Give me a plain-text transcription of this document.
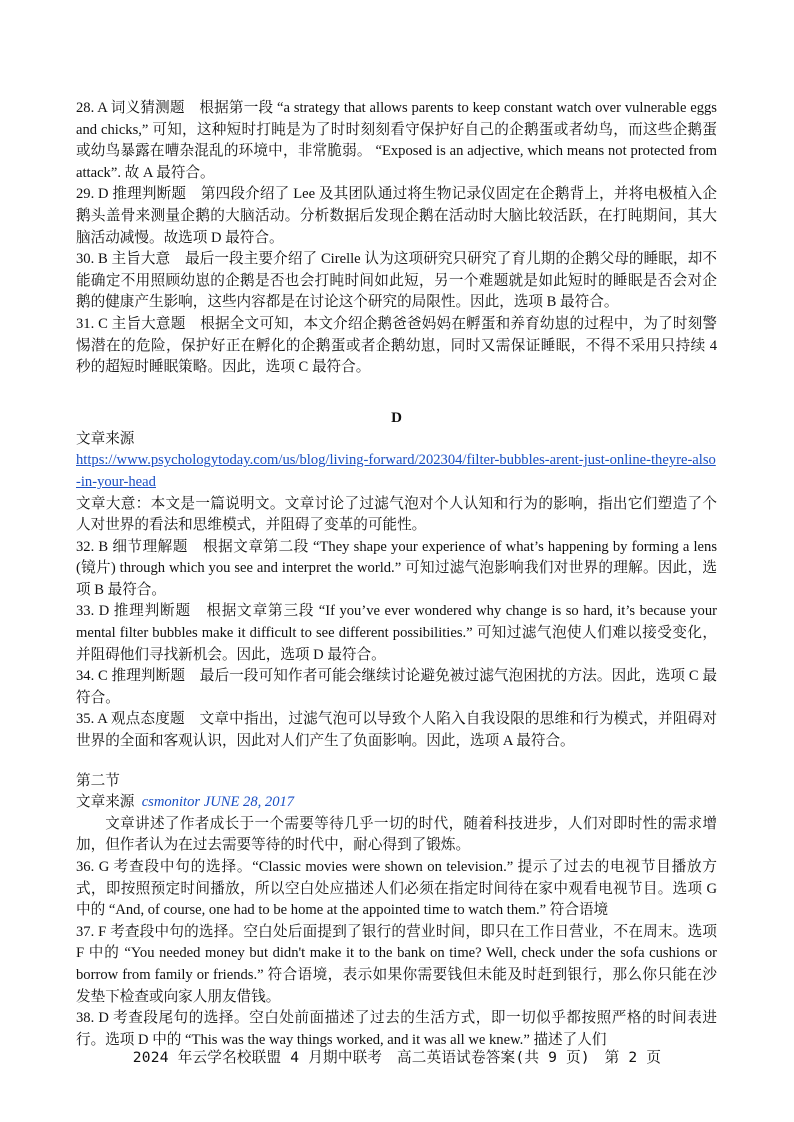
28. A 词义猜测题　根据第一段 “a strategy that allows parents to keep constant watch over vulnerable eggs and chicks,” 可知，这种短时打盹是为了时时刻刻看守保护好自己的企鹅蛋或者幼鸟，而这些企鹅蛋或幼鸟暴露在嘈杂混乱的环境中，非常脆弱。 “Exposed is an adjective, which means not protected from attack”. 故 A 最符合。

29. D 推理判断题　第四段介绍了 Lee 及其团队通过将生物记录仪固定在企鹅背上，并将电极植入企鹅头盖骨来测量企鹅的大脑活动。分析数据后发现企鹅在活动时大脑比较活跃，在打盹期间，其大脑活动减慢。故选项 D 最符合。

30. B 主旨大意　最后一段主要介绍了 Cirelle 认为这项研究只研究了育儿期的企鹅父母的睡眠，却不能确定不用照顾幼崽的企鹅是否也会打盹时间如此短，另一个难题就是如此短时的睡眠是否会对企鹅的健康产生影响，这些内容都是在讨论这个研究的局限性。因此，选项 B 最符合。

31. C 主旨大意题　根据全文可知，本文介绍企鹅爸爸妈妈在孵蛋和养育幼崽的过程中，为了时刻警惕潜在的危险，保护好正在孵化的企鹅蛋或者企鹅幼崽，同时又需保证睡眠，不得不采用只持续 4 秒的超短时睡眠策略。因此，选项 C 最符合。

D

文章来源

https://www.psychologytoday.com/us/blog/living-forward/202304/filter-bubbles-arent-just-online-theyre-also-in-your-head

文章大意：本文是一篇说明文。文章讨论了过滤气泡对个人认知和行为的影响，指出它们塑造了个人对世界的看法和思维模式，并阻碍了变革的可能性。

32. B 细节理解题　根据文章第二段 “They shape your experience of what’s happening by forming a lens (镜片) through which you see and interpret the world.” 可知过滤气泡影响我们对世界的理解。因此，选项 B 最符合。

33. D 推理判断题　根据文章第三段 “If you’ve ever wondered why change is so hard, it’s because your mental filter bubbles make it difficult to see different possibilities.” 可知过滤气泡使人们难以接受变化，并阻碍他们寻找新机会。因此，选项 D 最符合。

34. C 推理判断题　最后一段可知作者可能会继续讨论避免被过滤气泡困扰的方法。因此，选项 C 最符合。

35. A 观点态度题　文章中指出，过滤气泡可以导致个人陷入自我设限的思维和行为模式，并阻碍对世界的全面和客观认识，因此对人们产生了负面影响。因此，选项 A 最符合。

第二节

文章来源 csmonitor JUNE 28, 2017

文章讲述了作者成长于一个需要等待几乎一切的时代，随着科技进步，人们对即时性的需求增加，但作者认为在过去需要等待的时代中，耐心得到了锻炼。

36. G 考查段中句的选择。“Classic movies were shown on television.” 提示了过去的电视节目播放方式，即按照预定时间播放，所以空白处应描述人们必须在指定时间待在家中观看电视节目。选项 G 中的 “And, of course, one had to be home at the appointed time to watch them.” 符合语境

37. F 考查段中句的选择。空白处后面提到了银行的营业时间，即只在工作日营业，不在周末。选项 F 中的 “You needed money but didn't make it to the bank on time? Well, check under the sofa cushions or borrow from family or friends.” 符合语境，表示如果你需要钱但未能及时赶到银行，那么你只能在沙发垫下检查或向家人朋友借钱。

38. D 考查段尾句的选择。空白处前面描述了过去的生活方式，即一切似乎都按照严格的时间表进行。选项 D 中的 “This was the way things worked, and it was all we knew.” 描述了人们

2024 年云学名校联盟 4 月期中联考　高二英语试卷答案(共 9 页)　第 2 页
